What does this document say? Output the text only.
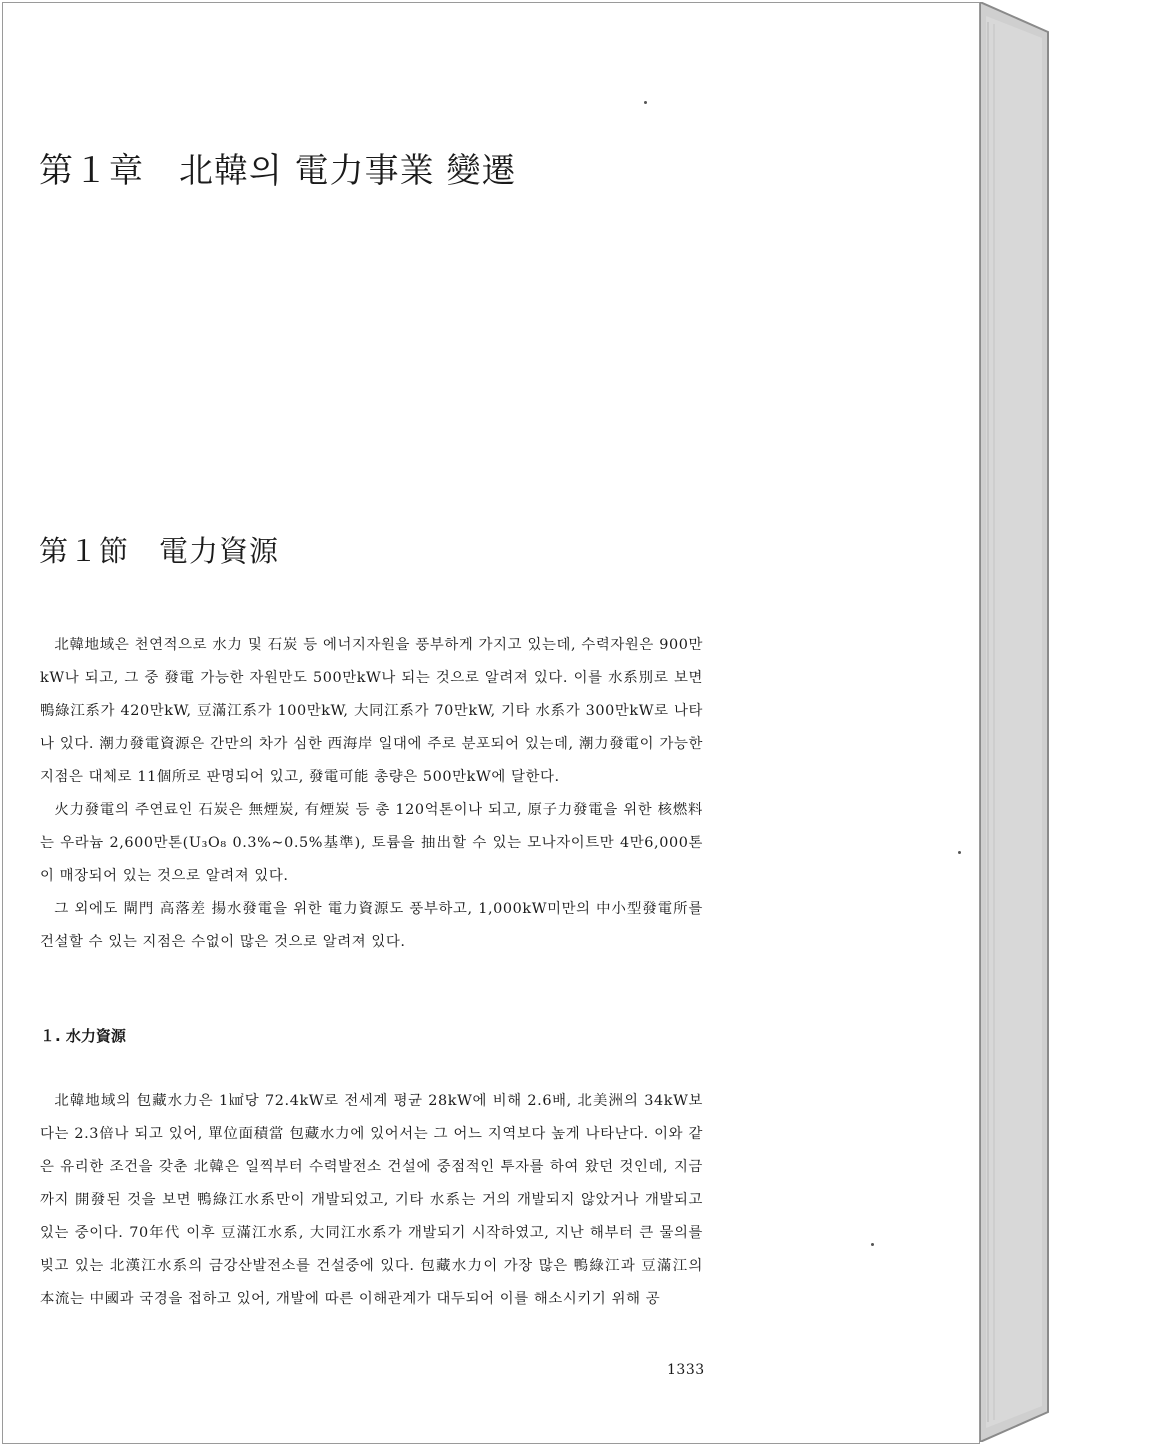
第１章　北韓의 電力事業 變遷
第１節　電力資源

北韓地域은 천연적으로 水力 및 石炭 등 에너지자원을 풍부하게 가지고 있는데, 수력자원은 900만kW나 되고, 그 중 發電 가능한 자원만도 500만kW나 되는 것으로 알려져 있다. 이를 水系別로 보면 鴨綠江系가 420만kW, 豆滿江系가 100만kW, 大同江系가 70만kW, 기타 水系가 300만kW로 나타나 있다. 潮力發電資源은 간만의 차가 심한 西海岸 일대에 주로 분포되어 있는데, 潮力發電이 가능한 지점은 대체로 11個所로 판명되어 있고, 發電可能 총량은 500만kW에 달한다.

火力發電의 주연료인 石炭은 無煙炭, 有煙炭 등 총 120억톤이나 되고, 原子力發電을 위한 核燃料는 우라늄 2,600만톤(U₃O₈ 0.3%∼0.5%基準), 토륨을 抽出할 수 있는 모나자이트만 4만6,000톤이 매장되어 있는 것으로 알려져 있다.

그 외에도 閘門 高落差 揚水發電을 위한 電力資源도 풍부하고, 1,000kW미만의 中小型發電所를 건설할 수 있는 지점은 수없이 많은 것으로 알려져 있다.

１. 水力資源

北韓地域의 包藏水力은 1㎢당 72.4kW로 전세계 평균 28kW에 비해 2.6배, 北美洲의 34kW보다는 2.3倍나 되고 있어, 單位面積當 包藏水力에 있어서는 그 어느 지역보다 높게 나타난다. 이와 같은 유리한 조건을 갖춘 北韓은 일찍부터 수력발전소 건설에 중점적인 투자를 하여 왔던 것인데, 지금까지 開發된 것을 보면 鴨綠江水系만이 개발되었고, 기타 水系는 거의 개발되지 않았거나 개발되고 있는 중이다. 70年代 이후 豆滿江水系, 大同江水系가 개발되기 시작하였고, 지난 해부터 큰 물의를 빚고 있는 北漢江水系의 금강산발전소를 건설중에 있다. 包藏水力이 가장 많은 鴨綠江과 豆滿江의 本流는 中國과 국경을 접하고 있어, 개발에 따른 이해관계가 대두되어 이를 해소시키기 위해 공

1333
